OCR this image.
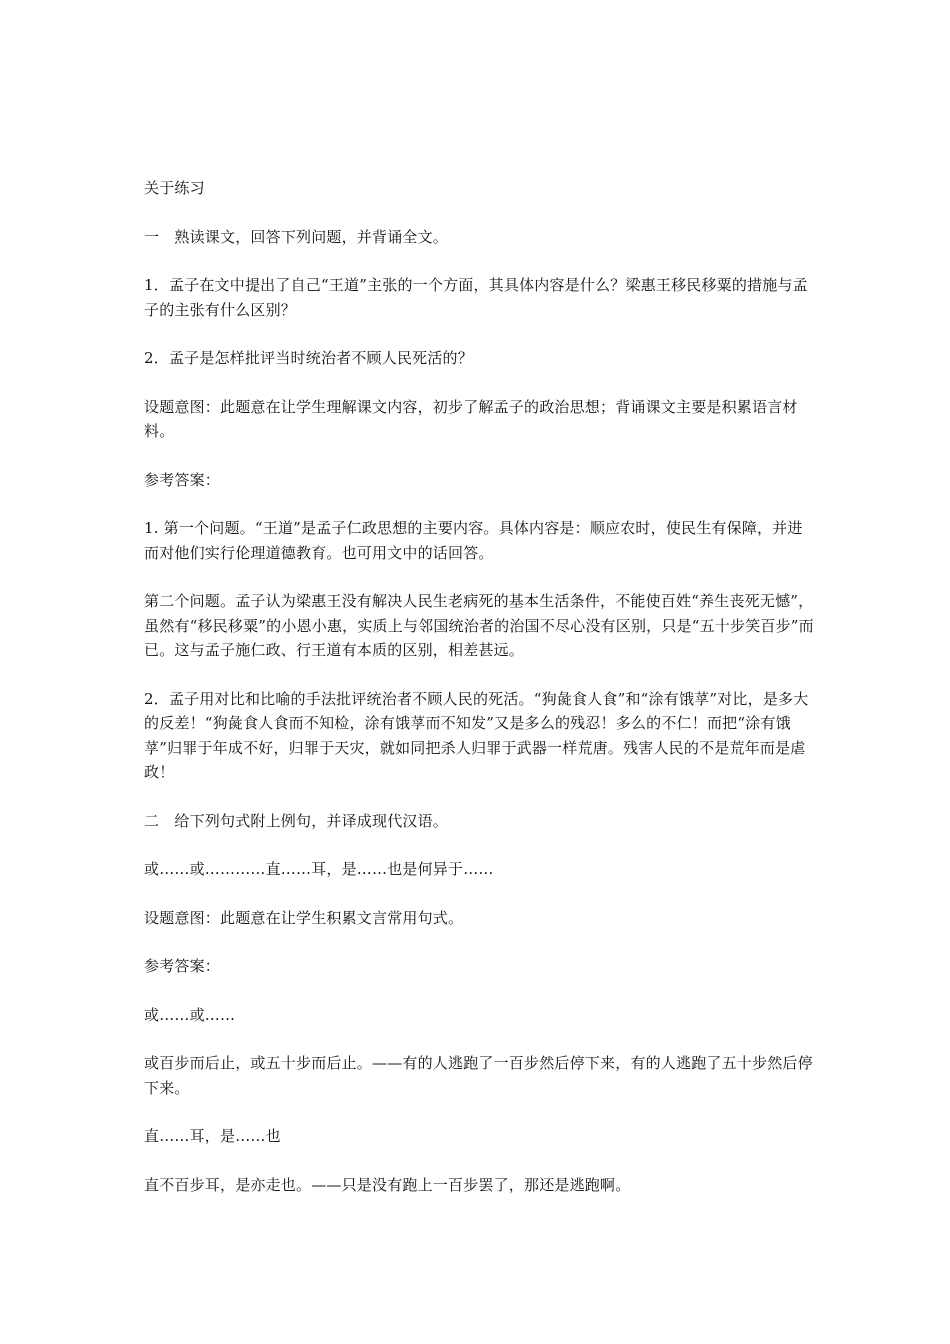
关于练习

一　熟读课文，回答下列问题，并背诵全文。

1．孟子在文中提出了自己“王道”主张的一个方面，其具体内容是什么？梁惠王移民移粟的措施与孟子的主张有什么区别？

2．孟子是怎样批评当时统治者不顾人民死活的？

设题意图：此题意在让学生理解课文内容，初步了解孟子的政治思想；背诵课文主要是积累语言材料。

参考答案：

1. 第一个问题。“王道”是孟子仁政思想的主要内容。具体内容是：顺应农时，使民生有保障，并进而对他们实行伦理道德教育。也可用文中的话回答。

第二个问题。孟子认为梁惠王没有解决人民生老病死的基本生活条件，不能使百姓“养生丧死无憾”，虽然有“移民移粟”的小恩小惠，实质上与邻国统治者的治国不尽心没有区别，只是“五十步笑百步”而已。这与孟子施仁政、行王道有本质的区别，相差甚远。

2．孟子用对比和比喻的手法批评统治者不顾人民的死活。“狗彘食人食”和“涂有饿莩”对比，是多大的反差！“狗彘食人食而不知检，涂有饿莩而不知发”又是多么的残忍！多么的不仁！而把“涂有饿莩”归罪于年成不好，归罪于天灾，就如同把杀人归罪于武器一样荒唐。残害人民的不是荒年而是虐政！

二　给下列句式附上例句，并译成现代汉语。

或……或…………直……耳，是……也是何异于……

设题意图：此题意在让学生积累文言常用句式。

参考答案：

或……或……

或百步而后止，或五十步而后止。——有的人逃跑了一百步然后停下来，有的人逃跑了五十步然后停下来。

直……耳，是……也

直不百步耳，是亦走也。——只是没有跑上一百步罢了，那还是逃跑啊。
